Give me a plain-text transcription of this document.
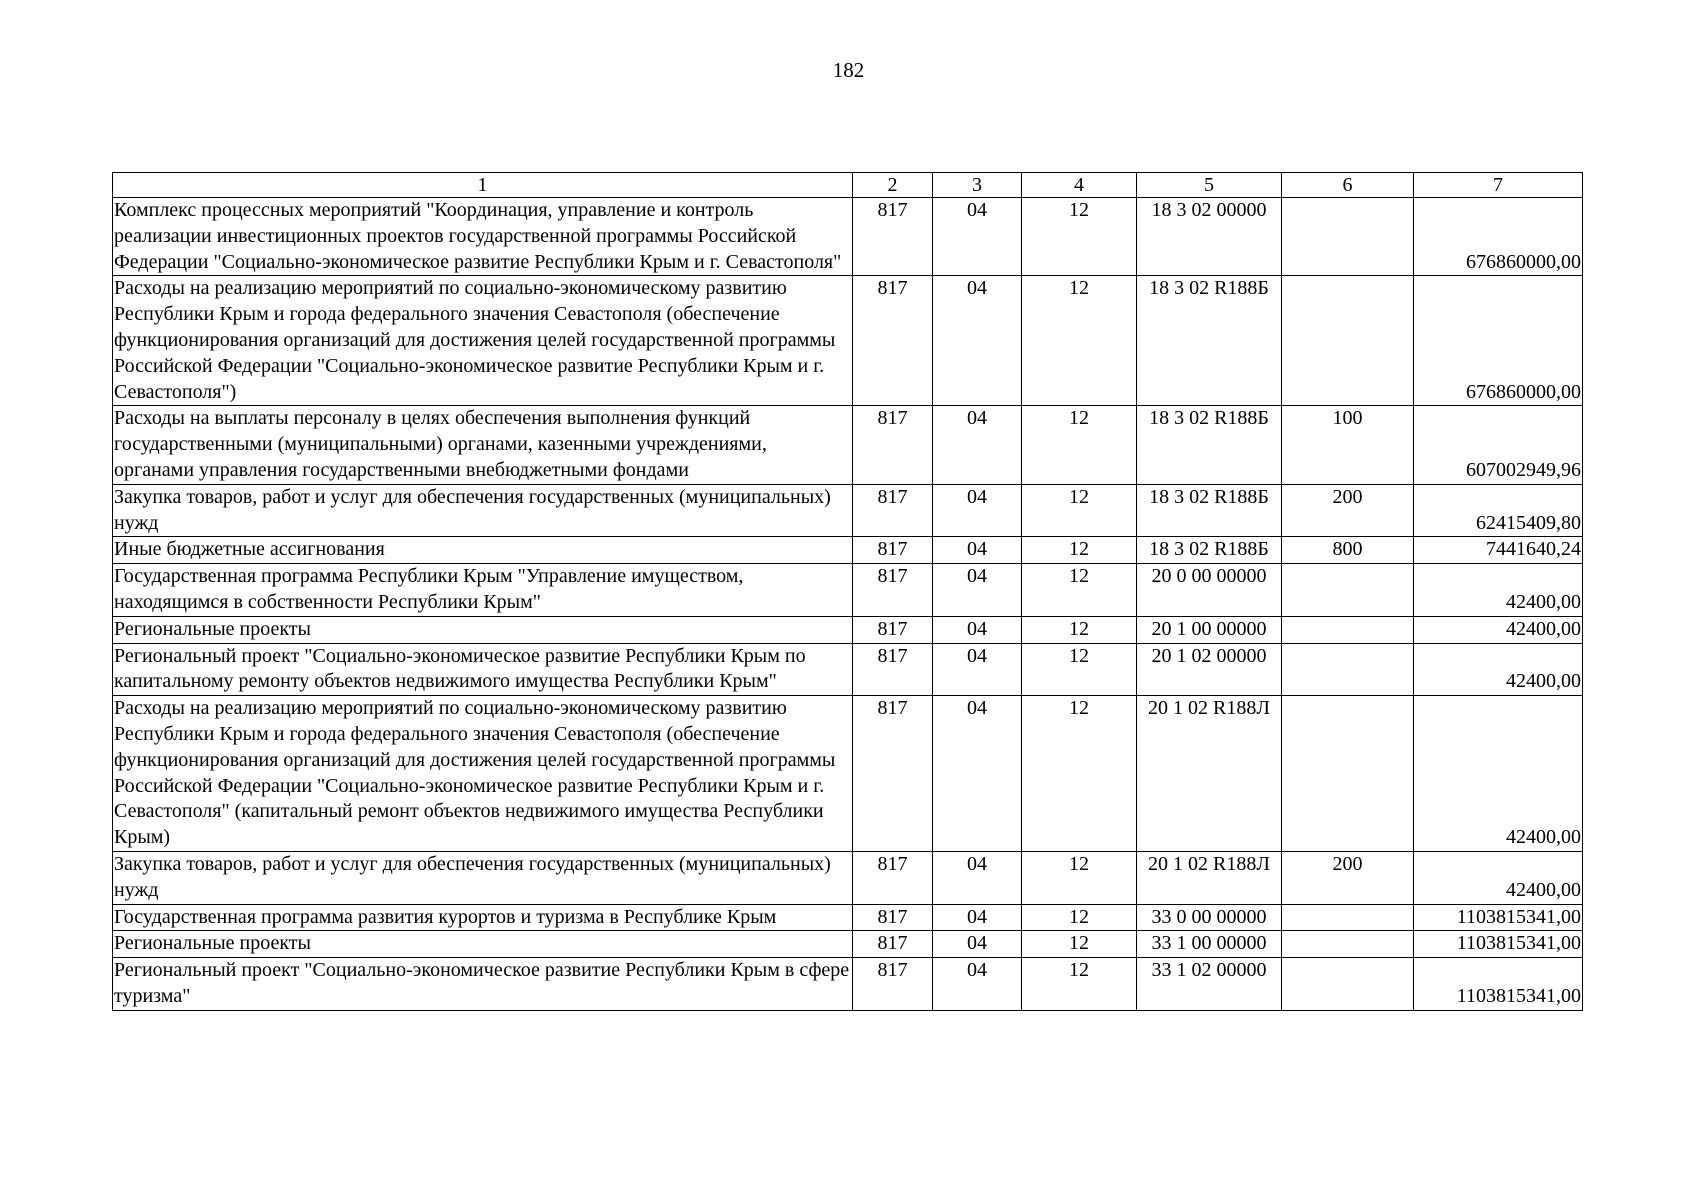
182
1	2	3	4	5	6	7
Комплекс процессных мероприятий "Координация, управление и контроль реализации инвестиционных проектов государственной программы Российской Федерации "Социально-экономическое развитие Республики Крым и г. Севастополя"	817	04	12	18 3 02 00000		676860000,00
Расходы на реализацию мероприятий по социально-экономическому развитию Республики Крым и города федерального значения Севастополя (обеспечение функционирования организаций для достижения целей государственной программы Российской Федерации "Социально-экономическое развитие Республики Крым и г. Севастополя")	817	04	12	18 3 02 R188Б		676860000,00
Расходы на выплаты персоналу в целях обеспечения выполнения функций государственными (муниципальными) органами, казенными учреждениями, органами управления государственными внебюджетными фондами	817	04	12	18 3 02 R188Б	100	607002949,96
Закупка товаров, работ и услуг для обеспечения государственных (муниципальных) нужд	817	04	12	18 3 02 R188Б	200	62415409,80
Иные бюджетные ассигнования	817	04	12	18 3 02 R188Б	800	7441640,24
Государственная программа Республики Крым "Управление имуществом, находящимся в собственности Республики Крым"	817	04	12	20 0 00 00000		42400,00
Региональные проекты	817	04	12	20 1 00 00000		42400,00
Региональный проект "Социально-экономическое развитие Республики Крым по капитальному ремонту объектов недвижимого имущества Республики Крым"	817	04	12	20 1 02 00000		42400,00
Расходы на реализацию мероприятий по социально-экономическому развитию Республики Крым и города федерального значения Севастополя (обеспечение функционирования организаций для достижения целей государственной программы Российской Федерации "Социально-экономическое развитие Республики Крым и г. Севастополя" (капитальный ремонт объектов недвижимого имущества Республики Крым)	817	04	12	20 1 02 R188Л		42400,00
Закупка товаров, работ и услуг для обеспечения государственных (муниципальных) нужд	817	04	12	20 1 02 R188Л	200	42400,00
Государственная программа развития курортов и туризма в Республике Крым	817	04	12	33 0 00 00000		1103815341,00
Региональные проекты	817	04	12	33 1 00 00000		1103815341,00
Региональный проект "Социально-экономическое развитие Республики Крым в сфере туризма"	817	04	12	33 1 02 00000		1103815341,00
